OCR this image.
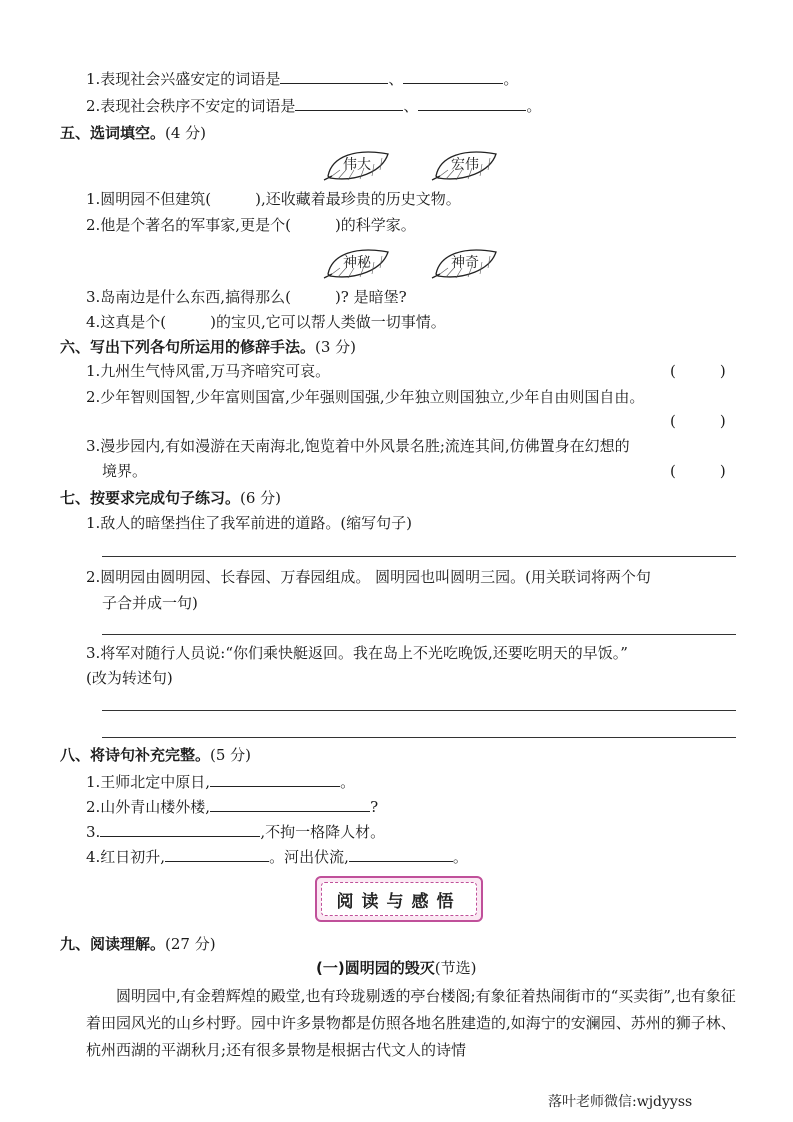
1.表现社会兴盛安定的词语是	、	。
2.表现社会秩序不安定的词语是	、	。
五、选词填空。(4 分)
伟大	宏伟
1.圆明园不但建筑(	),还收藏着最珍贵的历史文物。
2.他是个著名的军事家,更是个(	)的科学家。
神秘	神奇
3.岛南边是什么东西,搞得那么(	)? 是暗堡?
4.这真是个(	)的宝贝,它可以帮人类做一切事情。
六、写出下列各句所运用的修辞手法。(3 分)
1.九州生气恃风雷,万马齐喑究可哀。	(	)
2.少年智则国智,少年富则国富,少年强则国强,少年独立则国独立,少年自由则国自由。
(	)
3.漫步园内,有如漫游在天南海北,饱览着中外风景名胜;流连其间,仿佛置身在幻想的
境界。	(	)
七、按要求完成句子练习。(6 分)
1.敌人的暗堡挡住了我军前进的道路。(缩写句子)
2.圆明园由圆明园、长春园、万春园组成。 圆明园也叫圆明三园。(用关联词将两个句
子合并成一句)
3.将军对随行人员说:“你们乘快艇返回。我在岛上不光吃晚饭,还要吃明天的早饭。”
(改为转述句)
八、将诗句补充完整。(5 分)
1.王师北定中原日,	。
2.山外青山楼外楼,	?
3.	,不拘一格降人材。
4.红日初升,	。河出伏流,	。
阅读与感悟
九、阅读理解。(27 分)
(一)圆明园的毁灭(节选)
圆明园中,有金碧辉煌的殿堂,也有玲珑剔透的亭台楼阁;有象征着热闹街市的“买卖街”,也有象征着田园风光的山乡村野。园中许多景物都是仿照各地名胜建造的,如海宁的安澜园、苏州的狮子林、杭州西湖的平湖秋月;还有很多景物是根据古代文人的诗情
落叶老师微信:wjdyyss
